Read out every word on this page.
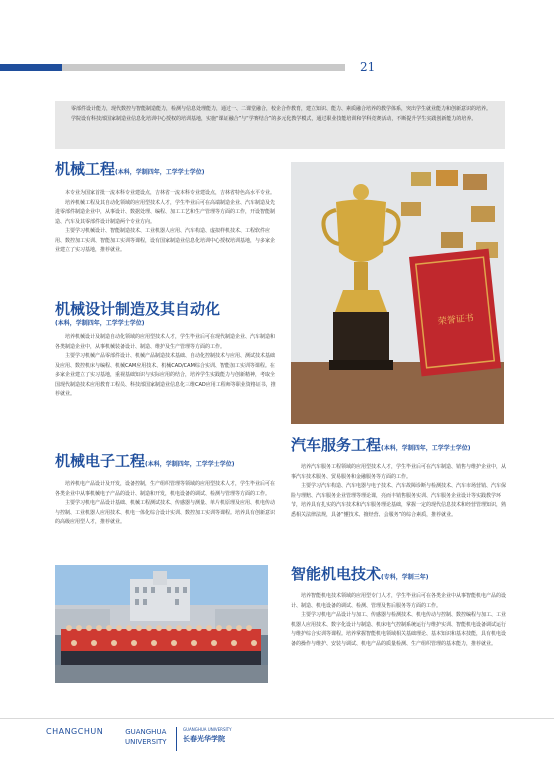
21

零部件设计能力，现代数控与智能制造能力，检测与信息处理能力，通过一、二课堂融合，校企合作教育，建立知识、能力、素质融合培养的教学体系，突出学生就业能力和创新意识的培养。

学院设有科技部国家制造业信息化培训中心授权的培训基地，实施“课证融合”与“学赛结合”的多元化教学模式，通过职业技能培训和学科竞赛活动，不断提升学生实践创新能力的培养。

机械工程(本科，学制四年，工学学士学位)

本专业为国家首批一流本科专业建设点，吉林省一流本科专业建设点，吉林省特色高水平专业。

培养机械工程及其自动化领域的应用型技术人才，学生毕业后可在高端制造企业、汽车制造及先进零部件制造企业中，从事设计、数据处理、编程、加工工艺和生产管理等方面的工作，开设智能制造、汽车及其零部件设计制造两个专业方向。

主要学习机械设计、智能制造技术、工业机器人应用、汽车构造、虚拟样机技术、工程软件应用、数控加工实训、智能加工实训等课程，设有国家制造业信息化培训中心授权培训基地，与多家企业建立了实习基地，推荐就业。

机械设计制造及其自动化
(本科，学制四年，工学学士学位)

培养机械设计及制造自动化领域的应用型技术人才，学生毕业后可在现代制造企业、汽车制造和各类制造企业中，从事机械装备设计、制造、维护及生产管理等方面的工作。

主要学习机械产品零部件设计、机械产品制造技术基础、自动化控制技术与应用、测试技术基础及应用、数控机床与编程、机械CAM应用技术、机械CAD/CAM综合实训、智能加工实训等课程。在多家企业建立了实习基地，重视基础知识与实际应用的结合，培养学生实践能力与创新精神，考取全国现代制造技术应用教育工程员、科技部国家制造业信息化三维CAD应用工程师等职业资格证书，推荐就业。

机械电子工程(本科，学制四年，工学学士学位)

培养机电产品设计及开发，设备控制，生产组织管理等领域的应用型技术人才，学生毕业后可在各类企业中从事机械电子产品的设计、制造和开发，机电设备的调试、检测与管理等方面的工作。

主要学习机电产品设计基础、机械工程测试技术、传感器与测量、单片机原理及应用、机电传动与控制、工业机器人应用技术、机电一体化综合设计实训、数控加工实训等课程。培养具有创新意识的高级应用型人才，推荐就业。

荣誉证书
汽车服务工程(本科，学制四年，工学学士学位)

培养汽车服务工程领域的应用型技术人才，学生毕业后可在汽车制造、销售与维护企业中，从事汽车技术服务、贸易服务和金融服务等方面的工作。

主要学习汽车构造、汽车电器与电子技术、汽车故障诊断与检测技术、汽车市场营销、汽车保险与理赔、汽车服务企业管理等理论课，亮而丰销售服务实训、汽车服务企业设计等实践教学环节，培养具有扎实的汽车技术和汽车服务理论基础，掌握一定的现代信息技术和经营管理知识，熟悉相关法律法规，具备“懂技术、擅经营、会服务”的综合素质，推荐就业。

智能机电技术(专科，学制三年)

培养智能机电技术领域的应用型专门人才，学生毕业后可在各类企业中从事智能机电产品的设计、制造、机电设备的调试、检测、管理及售后服务等方面的工作。

主要学习机电产品设计与加工、传感器与检测技术、机电传动与控制、数控编程与加工、工业机器人应用技术、数字化设计与制造、机床电气控制系统运行与维护实训、智能机电设备调试运行与维护综合实训等课程。培养掌握智能机电领域相关基础理论、基本知识和基本技能，具有机电设备的操作与维护、安装与调试、机电产品的质量检测、生产组织管理的基本能力，推荐就业。

CHANGCHUN	GUANGHUA
UNIVERSITY
GUANGHUA UNIVERSITY
长春光华学院
